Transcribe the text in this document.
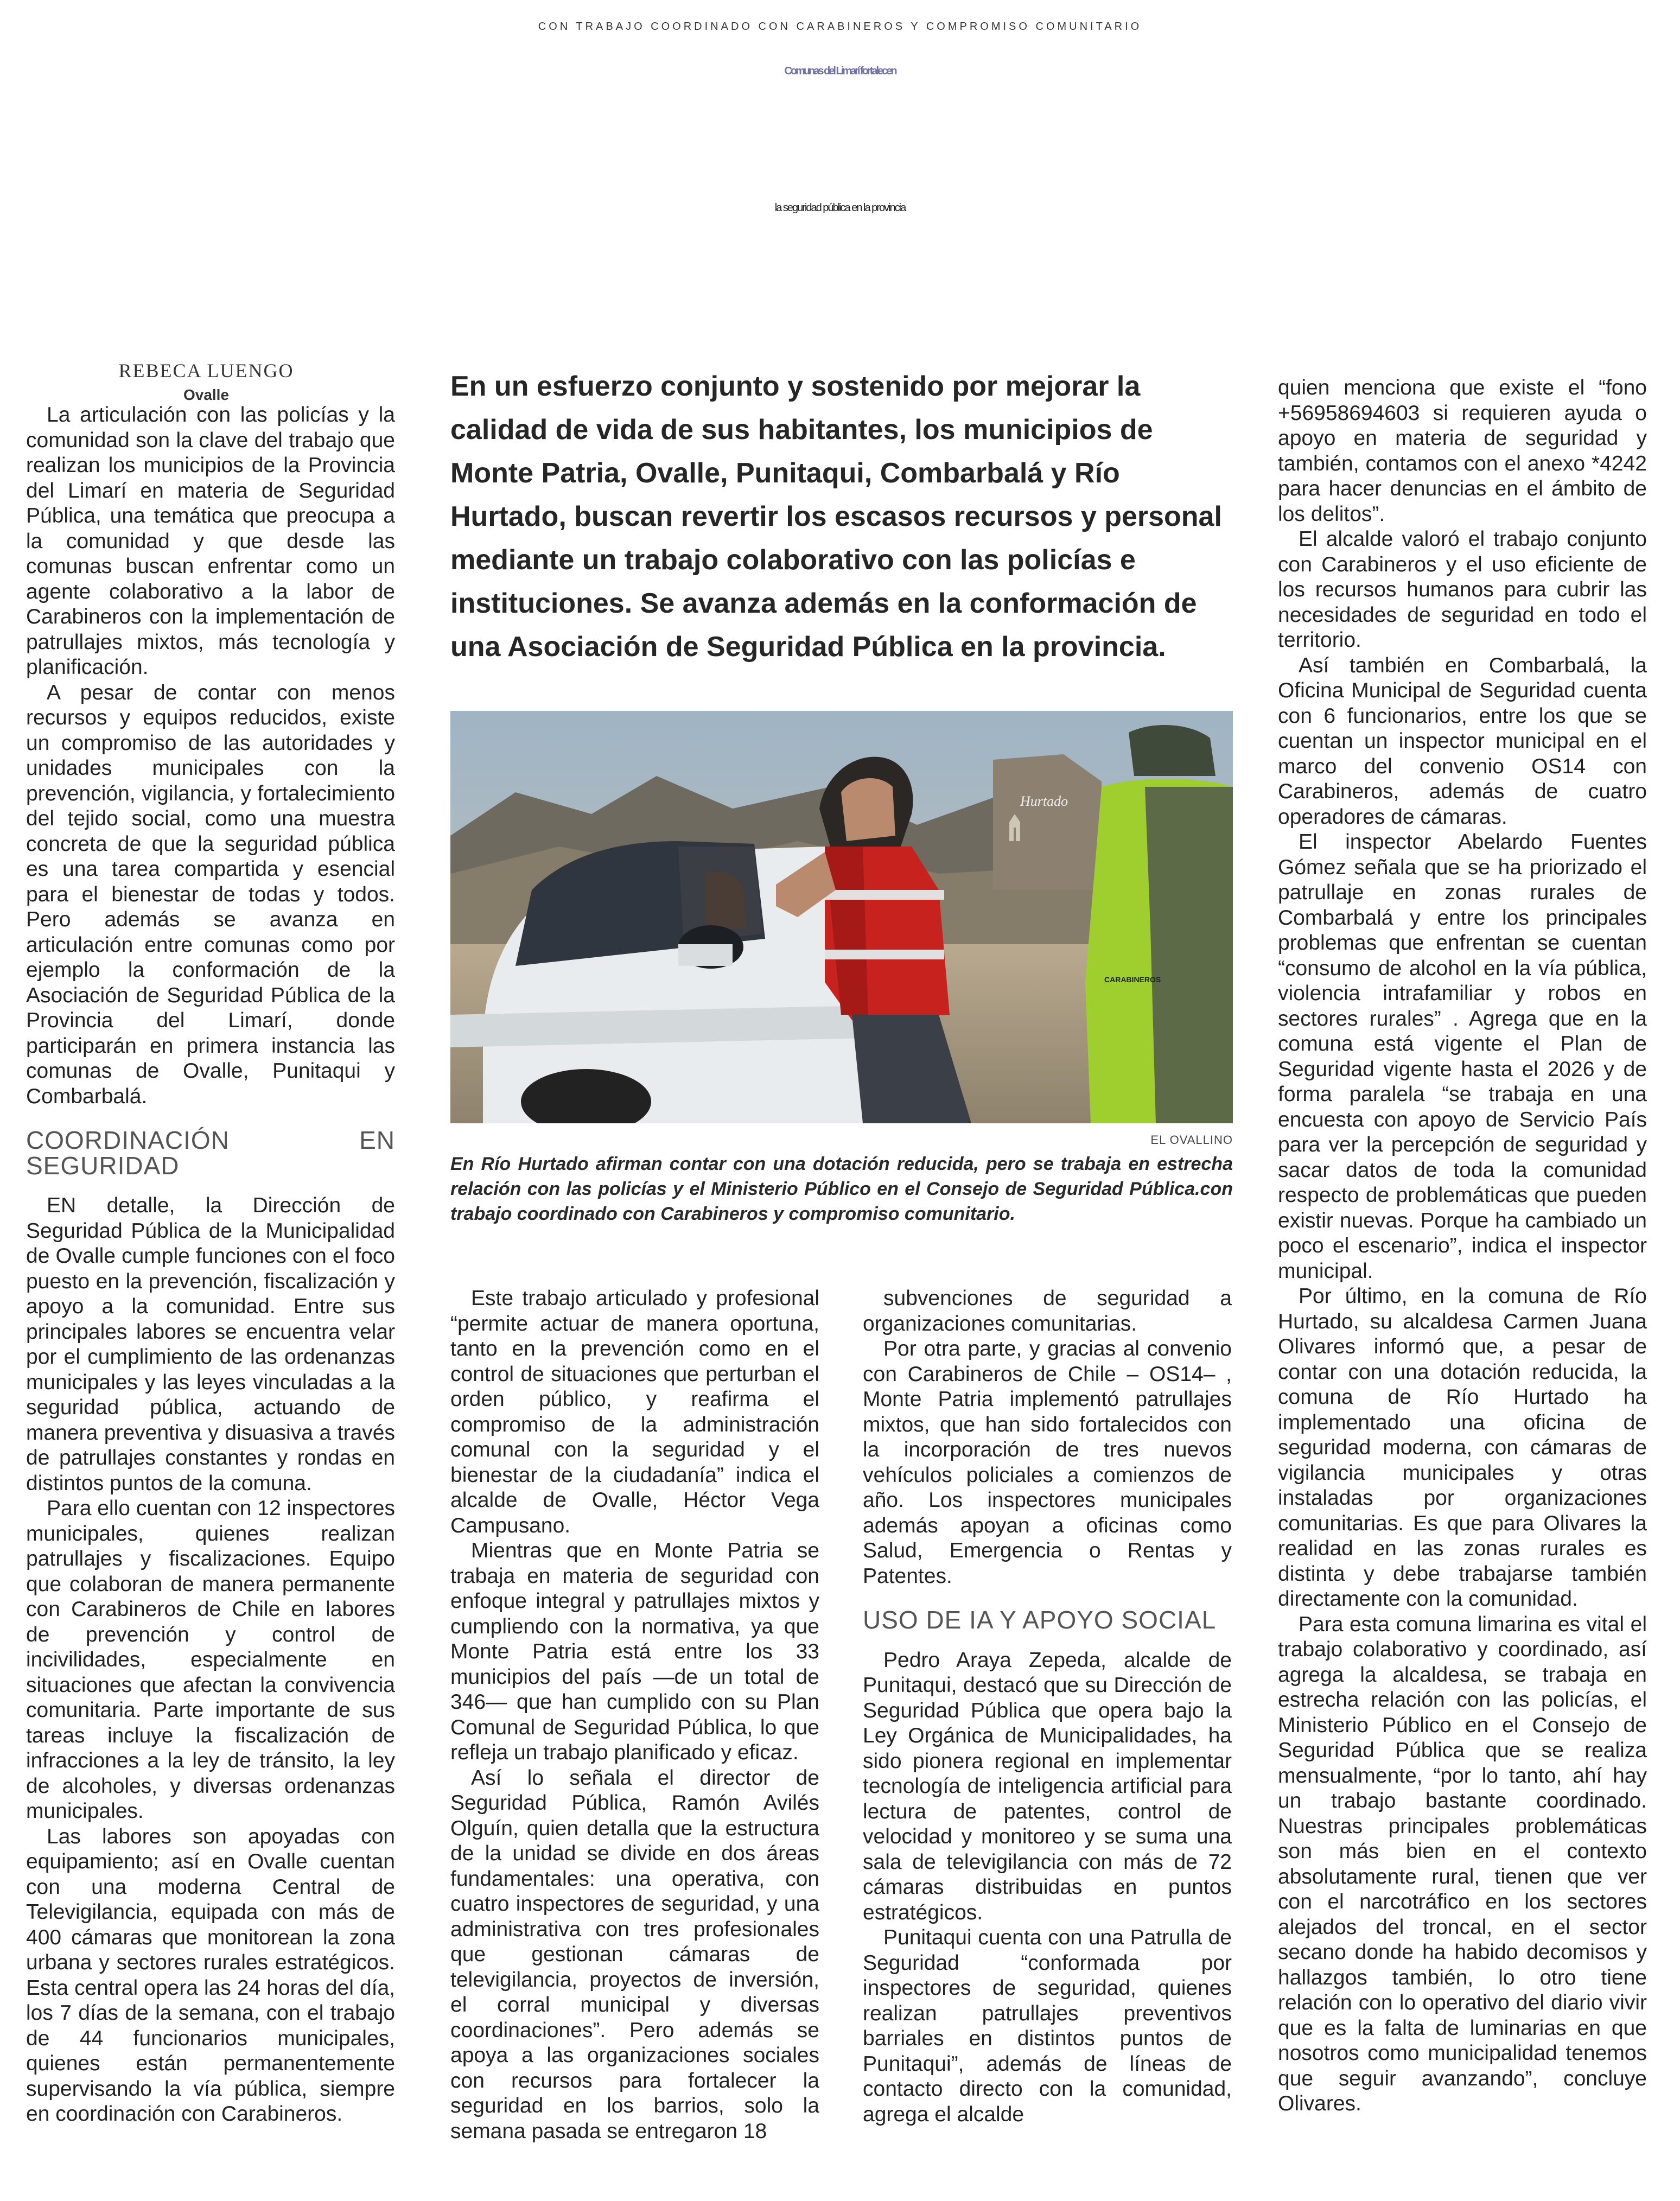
CON TRABAJO COORDINADO CON CARABINEROS Y COMPROMISO COMUNITARIO
Comunas del Limarí fortalecen
la seguridad pública en la provincia
REBECA LUENGO
Ovalle

La articulación con las policías y la comunidad son la clave del trabajo que realizan los municipios de la Provincia del Limarí en materia de Seguridad Pública, una temática que preocupa a la comunidad y que desde las comunas buscan enfrentar como un agente colaborativo a la labor de Carabineros con la implementación de patrullajes mixtos, más tecnología y planificación.

A pesar de contar con menos recursos y equipos reducidos, existe un compromiso de las autoridades y unidades municipales con la prevención, vigilancia, y fortalecimiento del tejido social, como una muestra concreta de que la seguridad pública es una tarea compartida y esencial para el bienestar de todas y todos. Pero además se avanza en articulación entre comunas como por ejemplo la conformación de la Asociación de Seguridad Pública de la Provincia del Limarí, donde participarán en primera instancia las comunas de Ovalle, Punitaqui y Combarbalá.

COORDINACIÓN EN SEGURIDAD

EN detalle, la Dirección de Seguridad Pública de la Municipalidad de Ovalle cumple funciones con el foco puesto en la prevención, fiscalización y apoyo a la comunidad. Entre sus principales labores se encuentra velar por el cumplimiento de las ordenanzas municipales y las leyes vinculadas a la seguridad pública, actuando de manera preventiva y disuasiva a través de patrullajes constantes y rondas en distintos puntos de la comuna.

Para ello cuentan con 12 inspectores municipales, quienes realizan patrullajes y fiscalizaciones. Equipo que colaboran de manera permanente con Carabineros de Chile en labores de prevención y control de incivilidades, especialmente en situaciones que afectan la convivencia comunitaria. Parte importante de sus tareas incluye la fiscalización de infracciones a la ley de tránsito, la ley de alcoholes, y diversas ordenanzas municipales.

Las labores son apoyadas con equipamiento; así en Ovalle cuentan con una moderna Central de Televigilancia, equipada con más de 400 cámaras que monitorean la zona urbana y sectores rurales estratégicos. Esta central opera las 24 horas del día, los 7 días de la semana, con el trabajo de 44 funcionarios municipales, quienes están permanentemente supervisando la vía pública, siempre en coordinación con Carabineros.

En un esfuerzo conjunto y sostenido por mejorar la calidad de vida de sus habitantes, los municipios de Monte Patria, Ovalle, Punitaqui, Combarbalá y Río Hurtado, buscan revertir los escasos recursos y personal mediante un trabajo colaborativo con las policías e instituciones. Se avanza además en la conformación de una Asociación de Seguridad Pública en la provincia.
Hurtado
CARABINEROS
EL OVALLINO
En Río Hurtado afirman contar con una dotación reducida, pero se trabaja en estrecha relación con las policías y el Ministerio Público en el Consejo de Seguridad Pública.con trabajo coordinado con Carabineros y compromiso comunitario.

Este trabajo articulado y profesional “permite actuar de manera oportuna, tanto en la prevención como en el control de situaciones que perturban el orden público, y reafirma el compromiso de la administración comunal con la seguridad y el bienestar de la ciudadanía” indica el alcalde de Ovalle, Héctor Vega Campusano.

Mientras que en Monte Patria se trabaja en materia de seguridad con enfoque integral y patrullajes mixtos y cumpliendo con la normativa, ya que Monte Patria está entre los 33 municipios del país —de un total de 346— que han cumplido con su Plan Comunal de Seguridad Pública, lo que refleja un trabajo planificado y eficaz.

Así lo señala el director de Seguridad Pública, Ramón Avilés Olguín, quien detalla que la estructura de la unidad se divide en dos áreas fundamentales: una operativa, con cuatro inspectores de seguridad, y una administrativa con tres profesionales que gestionan cámaras de televigilancia, proyectos de inversión, el corral municipal y diversas coordinaciones”. Pero además se apoya a las organizaciones sociales con recursos para fortalecer la seguridad en los barrios, solo la semana pasada se entregaron 18

subvenciones de seguridad a organizaciones comunitarias.

Por otra parte, y gracias al convenio con Carabineros de Chile – OS14– , Monte Patria implementó patrullajes mixtos, que han sido fortalecidos con la incorporación de tres nuevos vehículos policiales a comienzos de año. Los inspectores municipales además apoyan a oficinas como Salud, Emergencia o Rentas y Patentes.

USO DE IA Y APOYO SOCIAL

Pedro Araya Zepeda, alcalde de Punitaqui, destacó que su Dirección de Seguridad Pública que opera bajo la Ley Orgánica de Municipalidades, ha sido pionera regional en implementar tecnología de inteligencia artificial para lectura de patentes, control de velocidad y monitoreo y se suma una sala de televigilancia con más de 72 cámaras distribuidas en puntos estratégicos.

Punitaqui cuenta con una Patrulla de Seguridad “conformada por inspectores de seguridad, quienes realizan patrullajes preventivos barriales en distintos puntos de Punitaqui”, además de líneas de contacto directo con la comunidad, agrega el alcalde

quien menciona que existe el “fono +56958694603 si requieren ayuda o apoyo en materia de seguridad y también, contamos con el anexo *4242 para hacer denuncias en el ámbito de los delitos”.

El alcalde valoró el trabajo conjunto con Carabineros y el uso eficiente de los recursos humanos para cubrir las necesidades de seguridad en todo el territorio.

Así también en Combarbalá, la Oficina Municipal de Seguridad cuenta con 6 funcionarios, entre los que se cuentan un inspector municipal en el marco del convenio OS14 con Carabineros, además de cuatro operadores de cámaras.

El inspector Abelardo Fuentes Gómez señala que se ha priorizado el patrullaje en zonas rurales de Combarbalá y entre los principales problemas que enfrentan se cuentan “consumo de alcohol en la vía pública, violencia intrafamiliar y robos en sectores rurales” . Agrega que en la comuna está vigente el Plan de Seguridad vigente hasta el 2026 y de forma paralela “se trabaja en una encuesta con apoyo de Servicio País para ver la percepción de seguridad y sacar datos de toda la comunidad respecto de problemáticas que pueden existir nuevas. Porque ha cambiado un poco el escenario”, indica el inspector municipal.

Por último, en la comuna de Río Hurtado, su alcaldesa Carmen Juana Olivares informó que, a pesar de contar con una dotación reducida, la comuna de Río Hurtado ha implementado una oficina de seguridad moderna, con cámaras de vigilancia municipales y otras instaladas por organizaciones comunitarias. Es que para Olivares la realidad en las zonas rurales es distinta y debe trabajarse también directamente con la comunidad.

Para esta comuna limarina es vital el trabajo colaborativo y coordinado, así agrega la alcaldesa, se trabaja en estrecha relación con las policías, el Ministerio Público en el Consejo de Seguridad Pública que se realiza mensualmente, “por lo tanto, ahí hay un trabajo bastante coordinado. Nuestras principales problemáticas son más bien en el contexto absolutamente rural, tienen que ver con el narcotráfico en los sectores alejados del troncal, en el sector secano donde ha habido decomisos y hallazgos también, lo otro tiene relación con lo operativo del diario vivir que es la falta de luminarias en que nosotros como municipalidad tenemos que seguir avanzando”, concluye Olivares.
